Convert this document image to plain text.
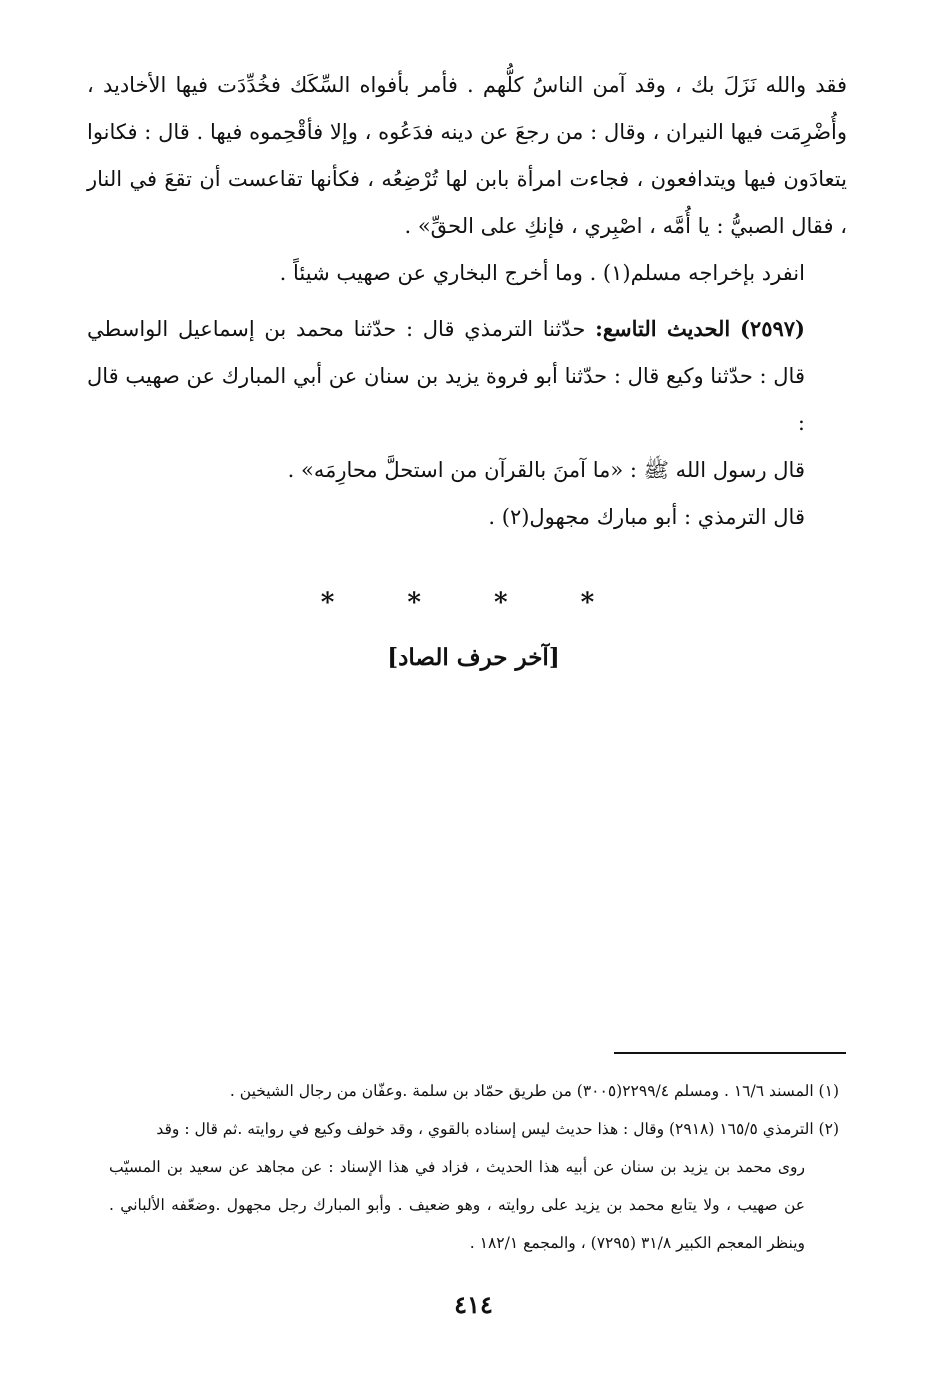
فقد والله نَزَلَ بك ، وقد آمن الناسُ كلُّهم . فأمر بأفواه السِّكَك فخُدِّدَت فيها الأخاديد ، وأُضْرِمَت فيها النيران ، وقال : من رجعَ عن دينه فدَعُوه ، وإلا فأقْحِموه فيها . قال : فكانوا يتعادَون فيها ويتدافعون ، فجاءت امرأة بابن لها تُرْضِعُه ، فكأنها تقاعست أن تقعَ في النار ، فقال الصبيُّ : يا أُمَّه ، اصْبِري ، فإنكِ على الحقِّ» .

انفرد بإخراجه مسلم(١) . وما أخرج البخاري عن صهيب شيئاً .

(٢٥٩٧) الحديث التاسع: حدّثنا الترمذي قال : حدّثنا محمد بن إسماعيل الواسطي قال : حدّثنا وكيع قال : حدّثنا أبو فروة يزيد بن سنان عن أبي المبارك عن صهيب قال :

قال رسول الله ﷺ : «ما آمنَ بالقرآن من استحلَّ محارِمَه» .

قال الترمذي : أبو مبارك مجهول(٢) .

* * * *
[آخر حرف الصاد]

(١) المسند ١٦/٦ . ومسلم ٢٢٩٩/٤(٣٠٠٥) من طريق حمّاد بن سلمة .وعفّان من رجال الشيخين .

(٢) الترمذي ١٦٥/٥ (٢٩١٨) وقال : هذا حديث ليس إسناده بالقوي ، وقد خولف وكيع في روايته .ثم قال : وقد

روى محمد بن يزيد بن سنان عن أبيه هذا الحديث ، فزاد في هذا الإسناد : عن مجاهد عن سعيد بن المسيّب عن صهيب ، ولا يتابع محمد بن يزيد على روايته ، وهو ضعيف . وأبو المبارك رجل مجهول .وضعّفه الألباني . وينظر المعجم الكبير ٣١/٨ (٧٢٩٥) ، والمجمع ١٨٢/١ .

٤١٤
